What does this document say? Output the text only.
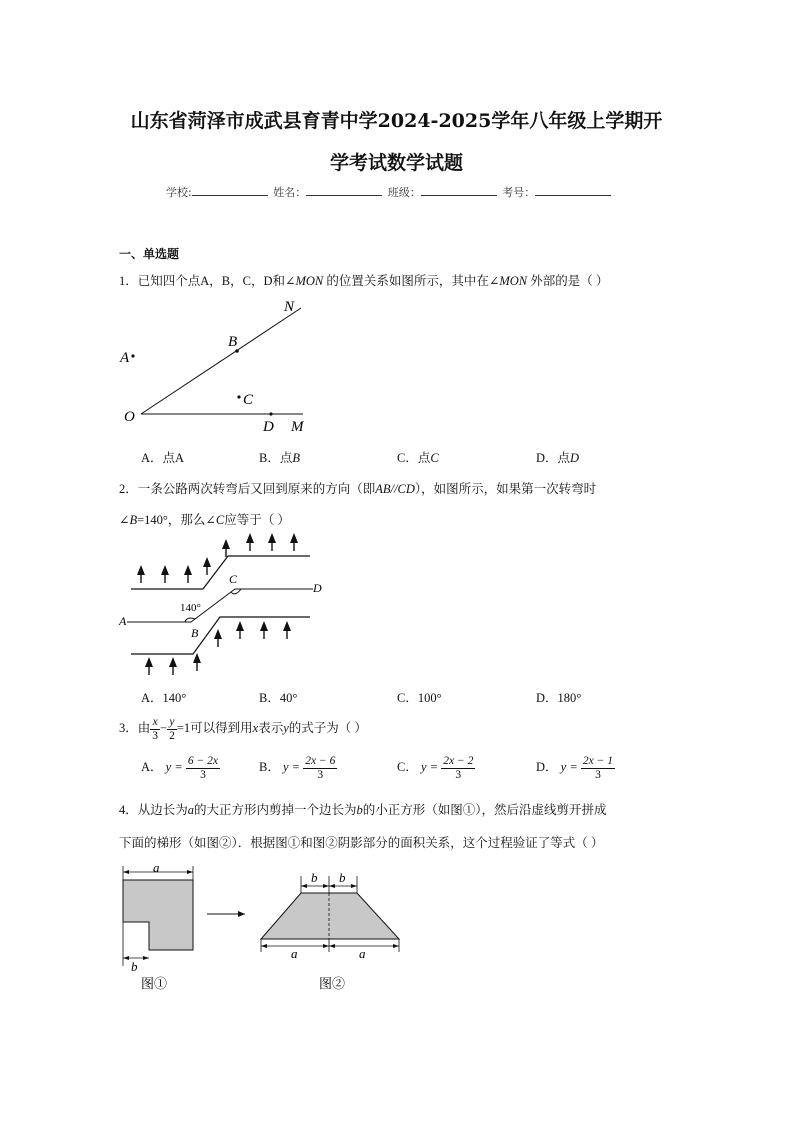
山东省菏泽市成武县育青中学2024-2025学年八年级上学期开
学考试数学试题
学校:	姓名：	班级：	考号：
一、单选题
1．已知四个点A，B，C，D和∠MON 的位置关系如图所示，其中在∠MON 外部的是（ ）
N
B
A
C
O
D M
A．点A	B．点B	C．点C	D．点D
2．一条公路两次转弯后又回到原来的方向（即AB//CD），如图所示，如果第一次转弯时
∠B=140°，那么∠C应等于（ ）
A
B
C
D
140°
A．140°	B．40°	C．100°	D．180°
3．由 $\frac{x}{3} - \frac{y}{2} =1$可以得到用x表示y的式子为（ ）
A． $y = \frac{6 - 2x}{3}$	B． $y = \frac{2x - 6}{3}$	C． $y = \frac{2x - 2}{3}$	D． $y = \frac{2x - 1}{3}$
4．从边长为a的大正方形内剪掉一个边长为b的小正方形（如图①），然后沿虚线剪开拼成
下面的梯形（如图②）．根据图①和图②阴影部分的面积关系，这个过程验证了等式（ ）
a
b
图①
b b
a	a
图②
